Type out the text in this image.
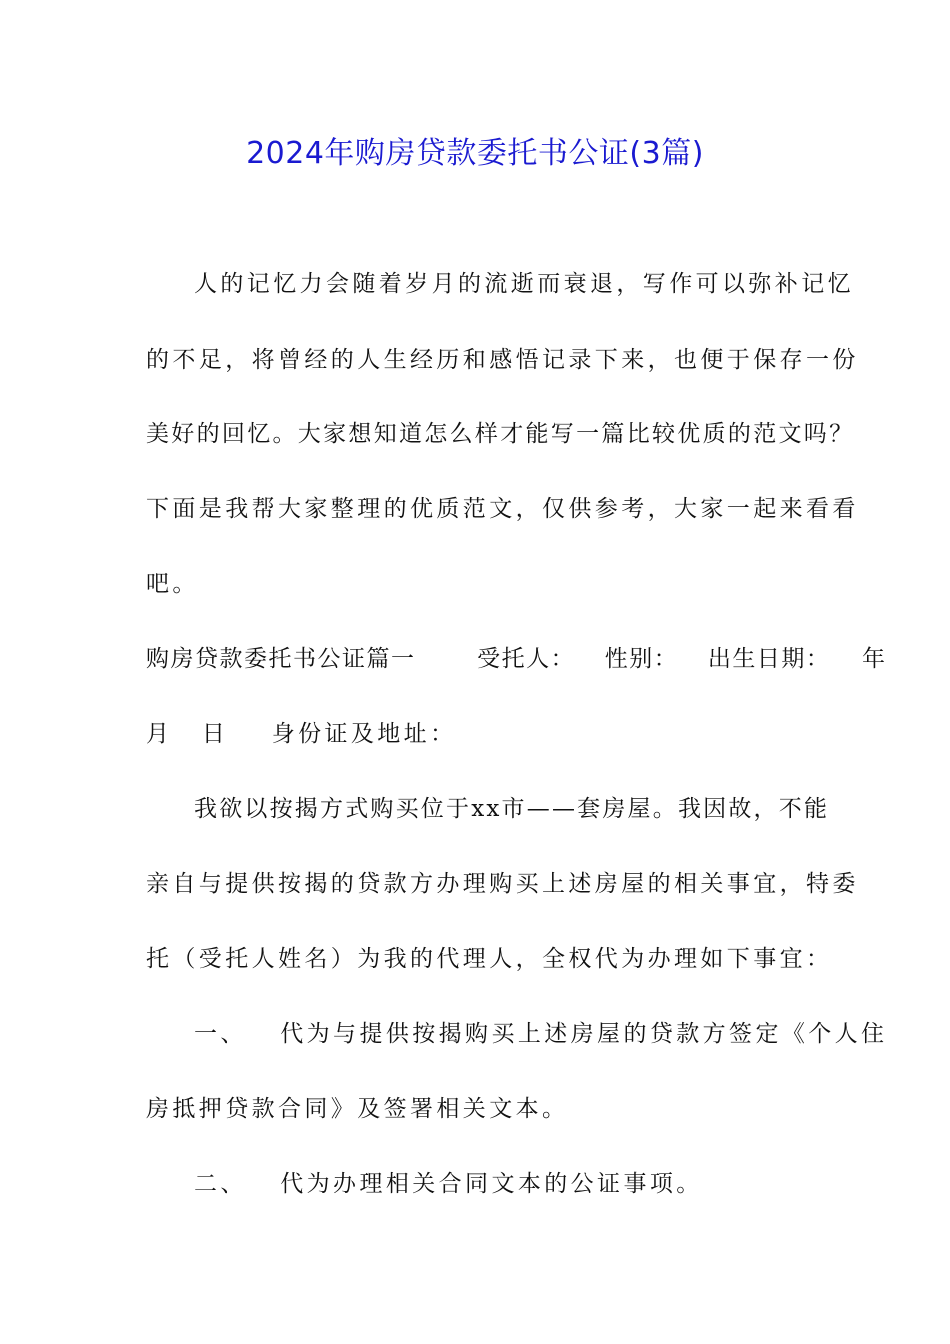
2024年购房贷款委托书公证(3篇)
人的记忆力会随着岁月的流逝而衰退，写作可以弥补记忆
的不足，将曾经的人生经历和感悟记录下来，也便于保存一份
美好的回忆。大家想知道怎么样才能写一篇比较优质的范文吗？
下面是我帮大家整理的优质范文，仅供参考，大家一起来看看
吧。
购房贷款委托书公证篇一	受托人： 性别： 出生日期： 年
月 日 身份证及地址：
我欲以按揭方式购买位于xx市——套房屋。我因故，不能
亲自与提供按揭的贷款方办理购买上述房屋的相关事宜，特委
托（受托人姓名）为我的代理人，全权代为办理如下事宜：
一、 代为与提供按揭购买上述房屋的贷款方签定《个人住
房抵押贷款合同》及签署相关文本。
二、 代为办理相关合同文本的公证事项。
